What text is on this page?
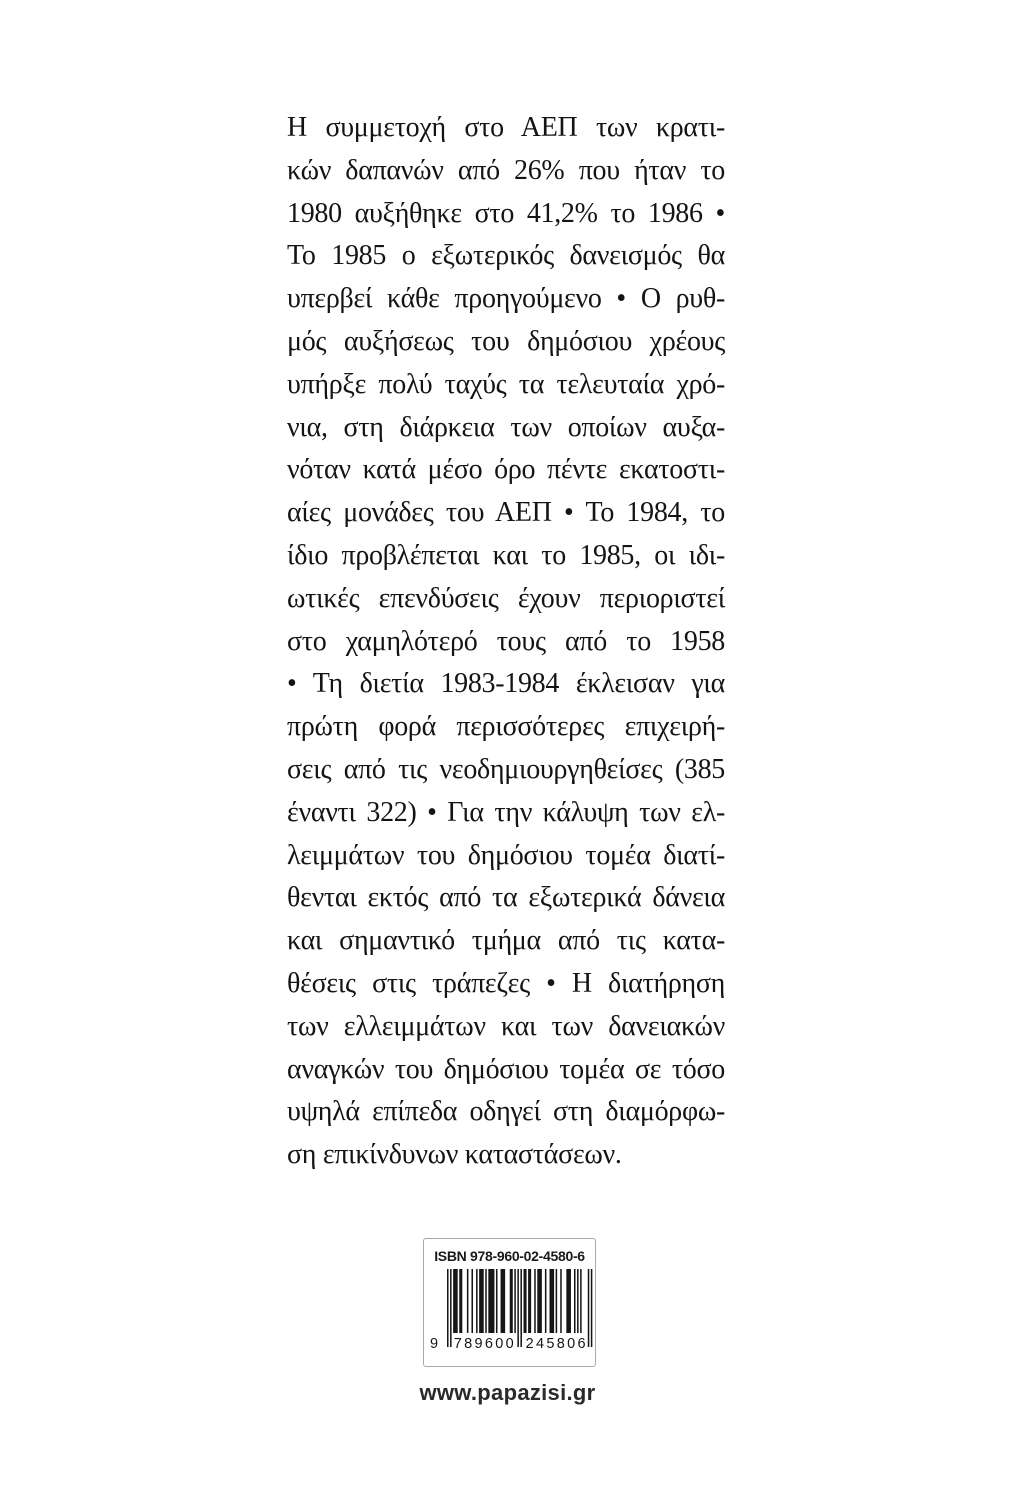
Η συμμετοχή στο ΑΕΠ των κρατι-
κών δαπανών από 26% που ήταν το
1980 αυξήθηκε στο 41,2% το 1986 •
Το 1985 ο εξωτερικός δανεισμός θα
υπερβεί κάθε προηγούμενο • Ο ρυθ-
μός αυξήσεως του δημόσιου χρέους
υπήρξε πολύ ταχύς τα τελευταία χρό-
νια, στη διάρκεια των οποίων αυξα-
νόταν κατά μέσο όρο πέντε εκατοστι-
αίες μονάδες του ΑΕΠ • Το 1984, το
ίδιο προβλέπεται και το 1985, οι ιδι-
ωτικές επενδύσεις έχουν περιοριστεί
στο χαμηλότερό τους από το 1958
• Τη διετία 1983-1984 έκλεισαν για
πρώτη φορά περισσότερες επιχειρή-
σεις από τις νεοδημιουργηθείσες (385
έναντι 322) • Για την κάλυψη των ελ-
λειμμάτων του δημόσιου τομέα διατί-
θενται εκτός από τα εξωτερικά δάνεια
και σημαντικό τμήμα από τις κατα-
θέσεις στις τράπεζες • Η διατήρηση
των ελλειμμάτων και των δανειακών
αναγκών του δημόσιου τομέα σε τόσο
υψηλά επίπεδα οδηγεί στη διαμόρφω-
ση επικίνδυνων καταστάσεων.
ISBN 978-960-02-4580-6
9 789600 245806
www.papazisi.gr
